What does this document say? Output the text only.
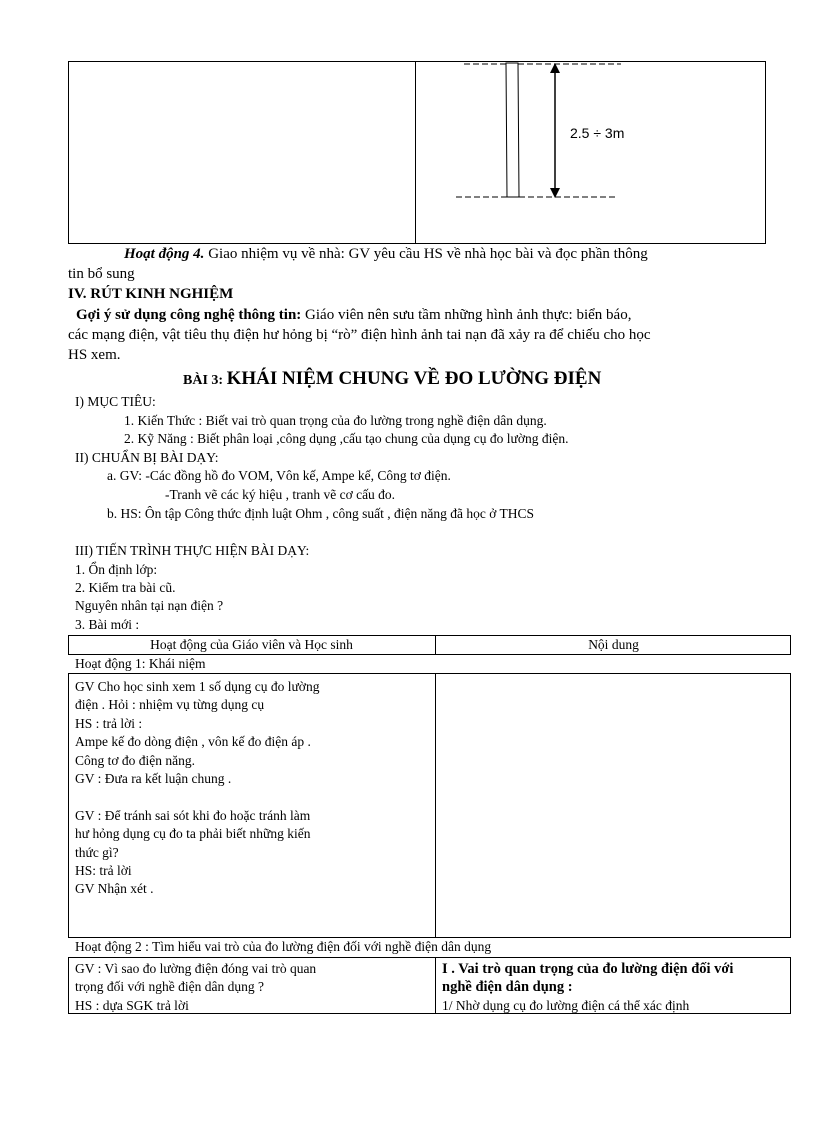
2.5 ÷ 3m
Hoạt động 4. Giao nhiệm vụ về nhà: GV yêu cầu HS về nhà học bài và đọc phần thông
tin bổ sung
IV. RÚT KINH NGHIỆM
Gợi ý sử dụng công nghệ thông tin: Giáo viên nên sưu tầm những hình ảnh thực: biển báo,
các mạng điện, vật tiêu thụ điện hư hỏng bị “rò” điện hình ảnh tai nạn đã xảy ra để chiếu cho học
HS xem.
BÀI 3: KHÁI NIỆM CHUNG VỀ ĐO LƯỜNG ĐIỆN
I) MỤC TIÊU:
1. Kiến Thức : Biết vai trò quan trọng của đo lường trong nghề điện dân dụng.
2. Kỹ Năng : Biết phân loại ,công dụng ,cấu tạo chung của dụng cụ đo lường điện.
II) CHUẨN BỊ BÀI DẠY:
a. GV: -Các đồng hồ đo VOM, Vôn kế, Ampe kế, Công tơ điện.
-Tranh vẽ các ký hiệu , tranh vẽ cơ cấu đo.
b. HS: Ôn tập Công thức định luật Ohm , công suất , điện năng đã học ở THCS
III) TIẾN TRÌNH THỰC HIỆN BÀI DẠY:
1. Ổn định lớp:
2. Kiểm tra bài cũ.
Nguyên nhân tại nạn điện ?
3. Bài mới :
Hoạt động của Giáo viên và Học sinh	Nội dung
Hoạt động 1: Khái niệm
GV Cho học sinh xem 1 số dụng cụ đo lường
điện . Hỏi : nhiệm vụ từng dụng cụ
HS : trả lời :
Ampe kế đo dòng điện , vôn kế đo điện áp .
Công tơ đo điện năng.
GV : Đưa ra kết luận chung .
GV : Để tránh sai sót khi đo hoặc tránh làm
hư hỏng dụng cụ đo ta phải biết những kiến
thức gì?
HS: trả lời
GV Nhận xét .
Hoạt động 2 : Tìm hiểu vai trò của đo lường điện đối với nghề điện dân dụng
GV : Vì sao đo lường điện đóng vai trò quan
trọng đối với nghề điện dân dụng ?
HS : dựa SGK trả lời
I . Vai trò quan trọng của đo lường điện đối với
nghề điện dân dụng :
1/ Nhờ dụng cụ đo lường điện cá thể xác định
